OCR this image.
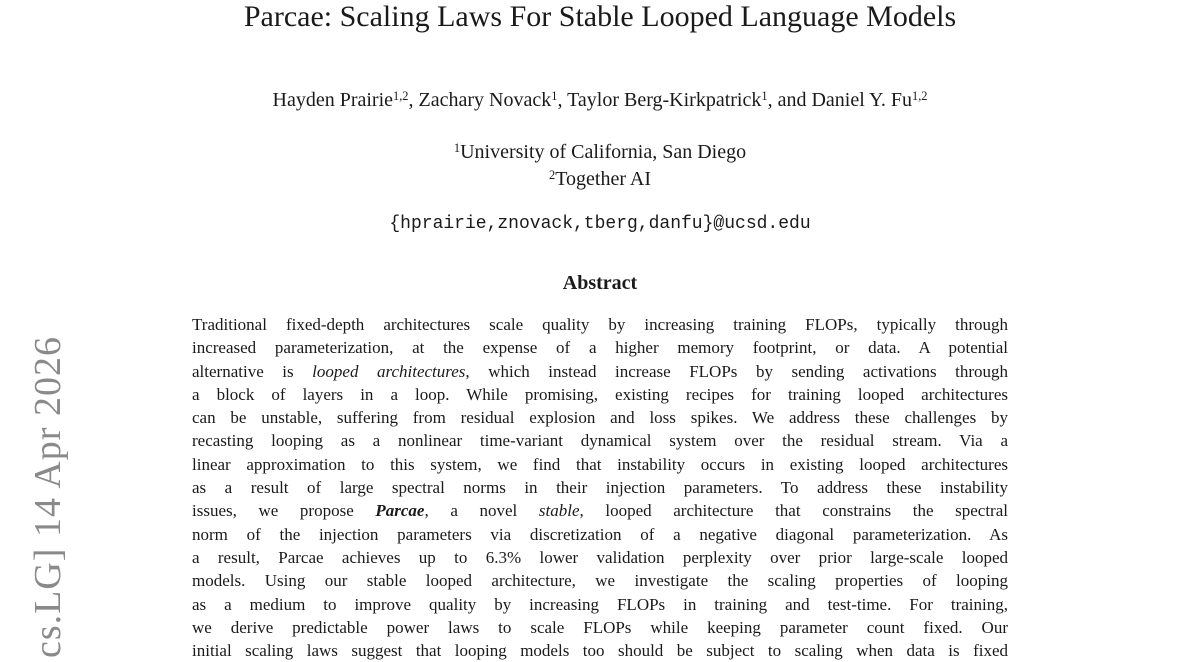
cs.LG] 14 Apr 2026
Parcae: Scaling Laws For Stable Looped Language Models
Hayden Prairie$^{1,2}$, Zachary Novack$^1$, Taylor Berg-Kirkpatrick$^1$, and Daniel Y. Fu$^{1,2}$
$^1$University of California, San Diego
$^2$Together AI
{hprairie,znovack,tberg,danfu}@ucsd.edu
Abstract
Traditional fixed-depth architectures scale quality by increasing training FLOPs, typically through
increased parameterization, at the expense of a higher memory footprint, or data. A potential
alternative is looped architectures, which instead increase FLOPs by sending activations through
a block of layers in a loop. While promising, existing recipes for training looped architectures
can be unstable, suffering from residual explosion and loss spikes. We address these challenges by
recasting looping as a nonlinear time-variant dynamical system over the residual stream. Via a
linear approximation to this system, we find that instability occurs in existing looped architectures
as a result of large spectral norms in their injection parameters. To address these instability
issues, we propose Parcae, a novel stable, looped architecture that constrains the spectral
norm of the injection parameters via discretization of a negative diagonal parameterization. As
a result, Parcae achieves up to 6.3% lower validation perplexity over prior large-scale looped
models. Using our stable looped architecture, we investigate the scaling properties of looping
as a medium to improve quality by increasing FLOPs in training and test-time. For training,
we derive predictable power laws to scale FLOPs while keeping parameter count fixed. Our
initial scaling laws suggest that looping models too should be subject to scaling when data is fixed
